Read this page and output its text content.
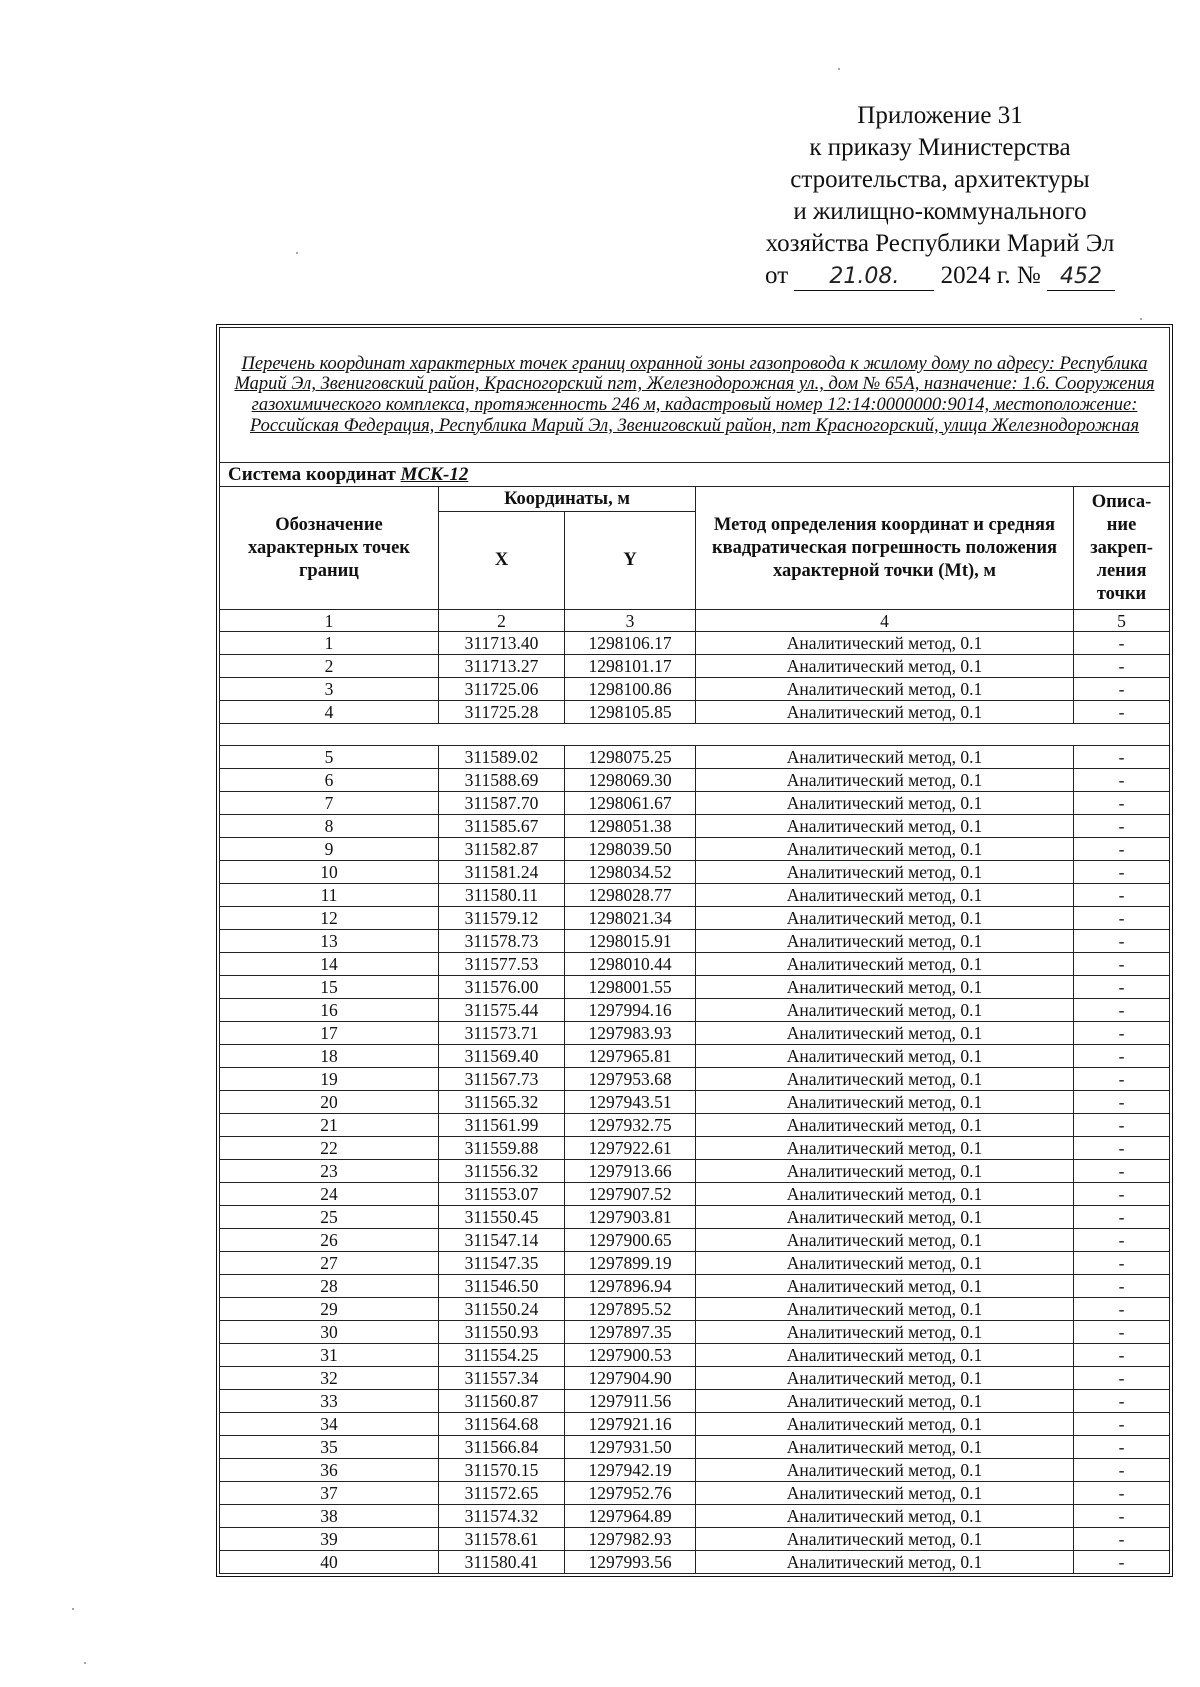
Приложение 31
к приказу Министерства
строительства, архитектуры
и жилищно-коммунального
хозяйства Республики Марий Эл
от 21.08. 2024 г. № 452
Перечень координат характерных точек границ охранной зоны газопровода к жилому дому по адресу: Республика Марий Эл, Звениговский район, Красногорский пгт, Железнодорожная ул., дом № 65А, назначение: 1.6. Сооружения газохимического комплекса, протяженность 246 м, кадастровый номер 12:14:0000000:9014, местоположение: Российская Федерация, Республика Марий Эл, Звениговский район, пгт Красногорский, улица Железнодорожная				
Система координат МСК-12				
Обозначение характерных точек границ	Координаты, м		Метод определения координат и средняя квадратическая погрешность положения характерной точки (Mt), м	Описа-ние закреп-ления точки
	X	Y		
1	2	3	4	5
1	311713.40	1298106.17	Аналитический метод, 0.1	-
2	311713.27	1298101.17	Аналитический метод, 0.1	-
3	311725.06	1298100.86	Аналитический метод, 0.1	-
4	311725.28	1298105.85	Аналитический метод, 0.1	-

5	311589.02	1298075.25	Аналитический метод, 0.1	-
6	311588.69	1298069.30	Аналитический метод, 0.1	-
7	311587.70	1298061.67	Аналитический метод, 0.1	-
8	311585.67	1298051.38	Аналитический метод, 0.1	-
9	311582.87	1298039.50	Аналитический метод, 0.1	-
10	311581.24	1298034.52	Аналитический метод, 0.1	-
11	311580.11	1298028.77	Аналитический метод, 0.1	-
12	311579.12	1298021.34	Аналитический метод, 0.1	-
13	311578.73	1298015.91	Аналитический метод, 0.1	-
14	311577.53	1298010.44	Аналитический метод, 0.1	-
15	311576.00	1298001.55	Аналитический метод, 0.1	-
16	311575.44	1297994.16	Аналитический метод, 0.1	-
17	311573.71	1297983.93	Аналитический метод, 0.1	-
18	311569.40	1297965.81	Аналитический метод, 0.1	-
19	311567.73	1297953.68	Аналитический метод, 0.1	-
20	311565.32	1297943.51	Аналитический метод, 0.1	-
21	311561.99	1297932.75	Аналитический метод, 0.1	-
22	311559.88	1297922.61	Аналитический метод, 0.1	-
23	311556.32	1297913.66	Аналитический метод, 0.1	-
24	311553.07	1297907.52	Аналитический метод, 0.1	-
25	311550.45	1297903.81	Аналитический метод, 0.1	-
26	311547.14	1297900.65	Аналитический метод, 0.1	-
27	311547.35	1297899.19	Аналитический метод, 0.1	-
28	311546.50	1297896.94	Аналитический метод, 0.1	-
29	311550.24	1297895.52	Аналитический метод, 0.1	-
30	311550.93	1297897.35	Аналитический метод, 0.1	-
31	311554.25	1297900.53	Аналитический метод, 0.1	-
32	311557.34	1297904.90	Аналитический метод, 0.1	-
33	311560.87	1297911.56	Аналитический метод, 0.1	-
34	311564.68	1297921.16	Аналитический метод, 0.1	-
35	311566.84	1297931.50	Аналитический метод, 0.1	-
36	311570.15	1297942.19	Аналитический метод, 0.1	-
37	311572.65	1297952.76	Аналитический метод, 0.1	-
38	311574.32	1297964.89	Аналитический метод, 0.1	-
39	311578.61	1297982.93	Аналитический метод, 0.1	-
40	311580.41	1297993.56	Аналитический метод, 0.1	-
